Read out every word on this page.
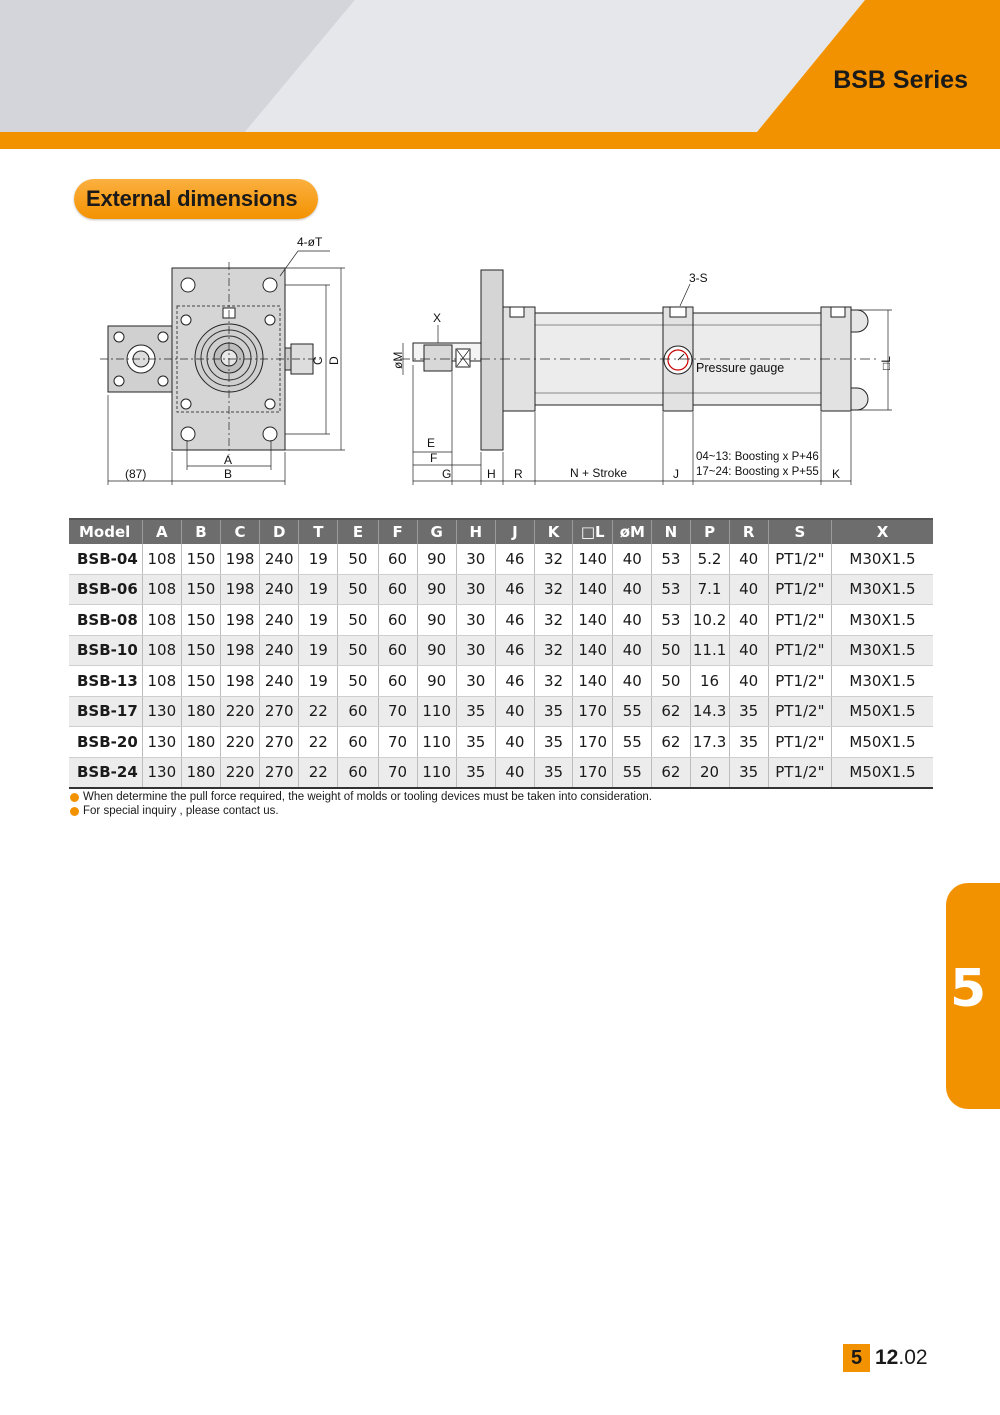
BSB Series
External dimensions
4-øT
A
B
C D
(87)
3-S
X
øM
E
F
G	H R	N + Stroke	J	K
□L
Pressure gauge
04~13: Boosting x P+46
17~24: Boosting x P+55
Model	A	B	C	D	T	E	F	G	H	J	K	□L	øM	N	P	R	S	X
BSB-04	108	150	198	240	19	50	60	90	30	46	32	140	40	53	5.2	40	PT1/2"	M30X1.5
BSB-06	108	150	198	240	19	50	60	90	30	46	32	140	40	53	7.1	40	PT1/2"	M30X1.5
BSB-08	108	150	198	240	19	50	60	90	30	46	32	140	40	53	10.2	40	PT1/2"	M30X1.5
BSB-10	108	150	198	240	19	50	60	90	30	46	32	140	40	50	11.1	40	PT1/2"	M30X1.5
BSB-13	108	150	198	240	19	50	60	90	30	46	32	140	40	50	16	40	PT1/2"	M30X1.5
BSB-17	130	180	220	270	22	60	70	110	35	40	35	170	55	62	14.3	35	PT1/2"	M50X1.5
BSB-20	130	180	220	270	22	60	70	110	35	40	35	170	55	62	17.3	35	PT1/2"	M50X1.5
BSB-24	130	180	220	270	22	60	70	110	35	40	35	170	55	62	20	35	PT1/2"	M50X1.5
When determine the pull force required, the weight of molds or tooling devices must be taken into consideration.
For special inquiry , please contact us.
5
5 12.02
